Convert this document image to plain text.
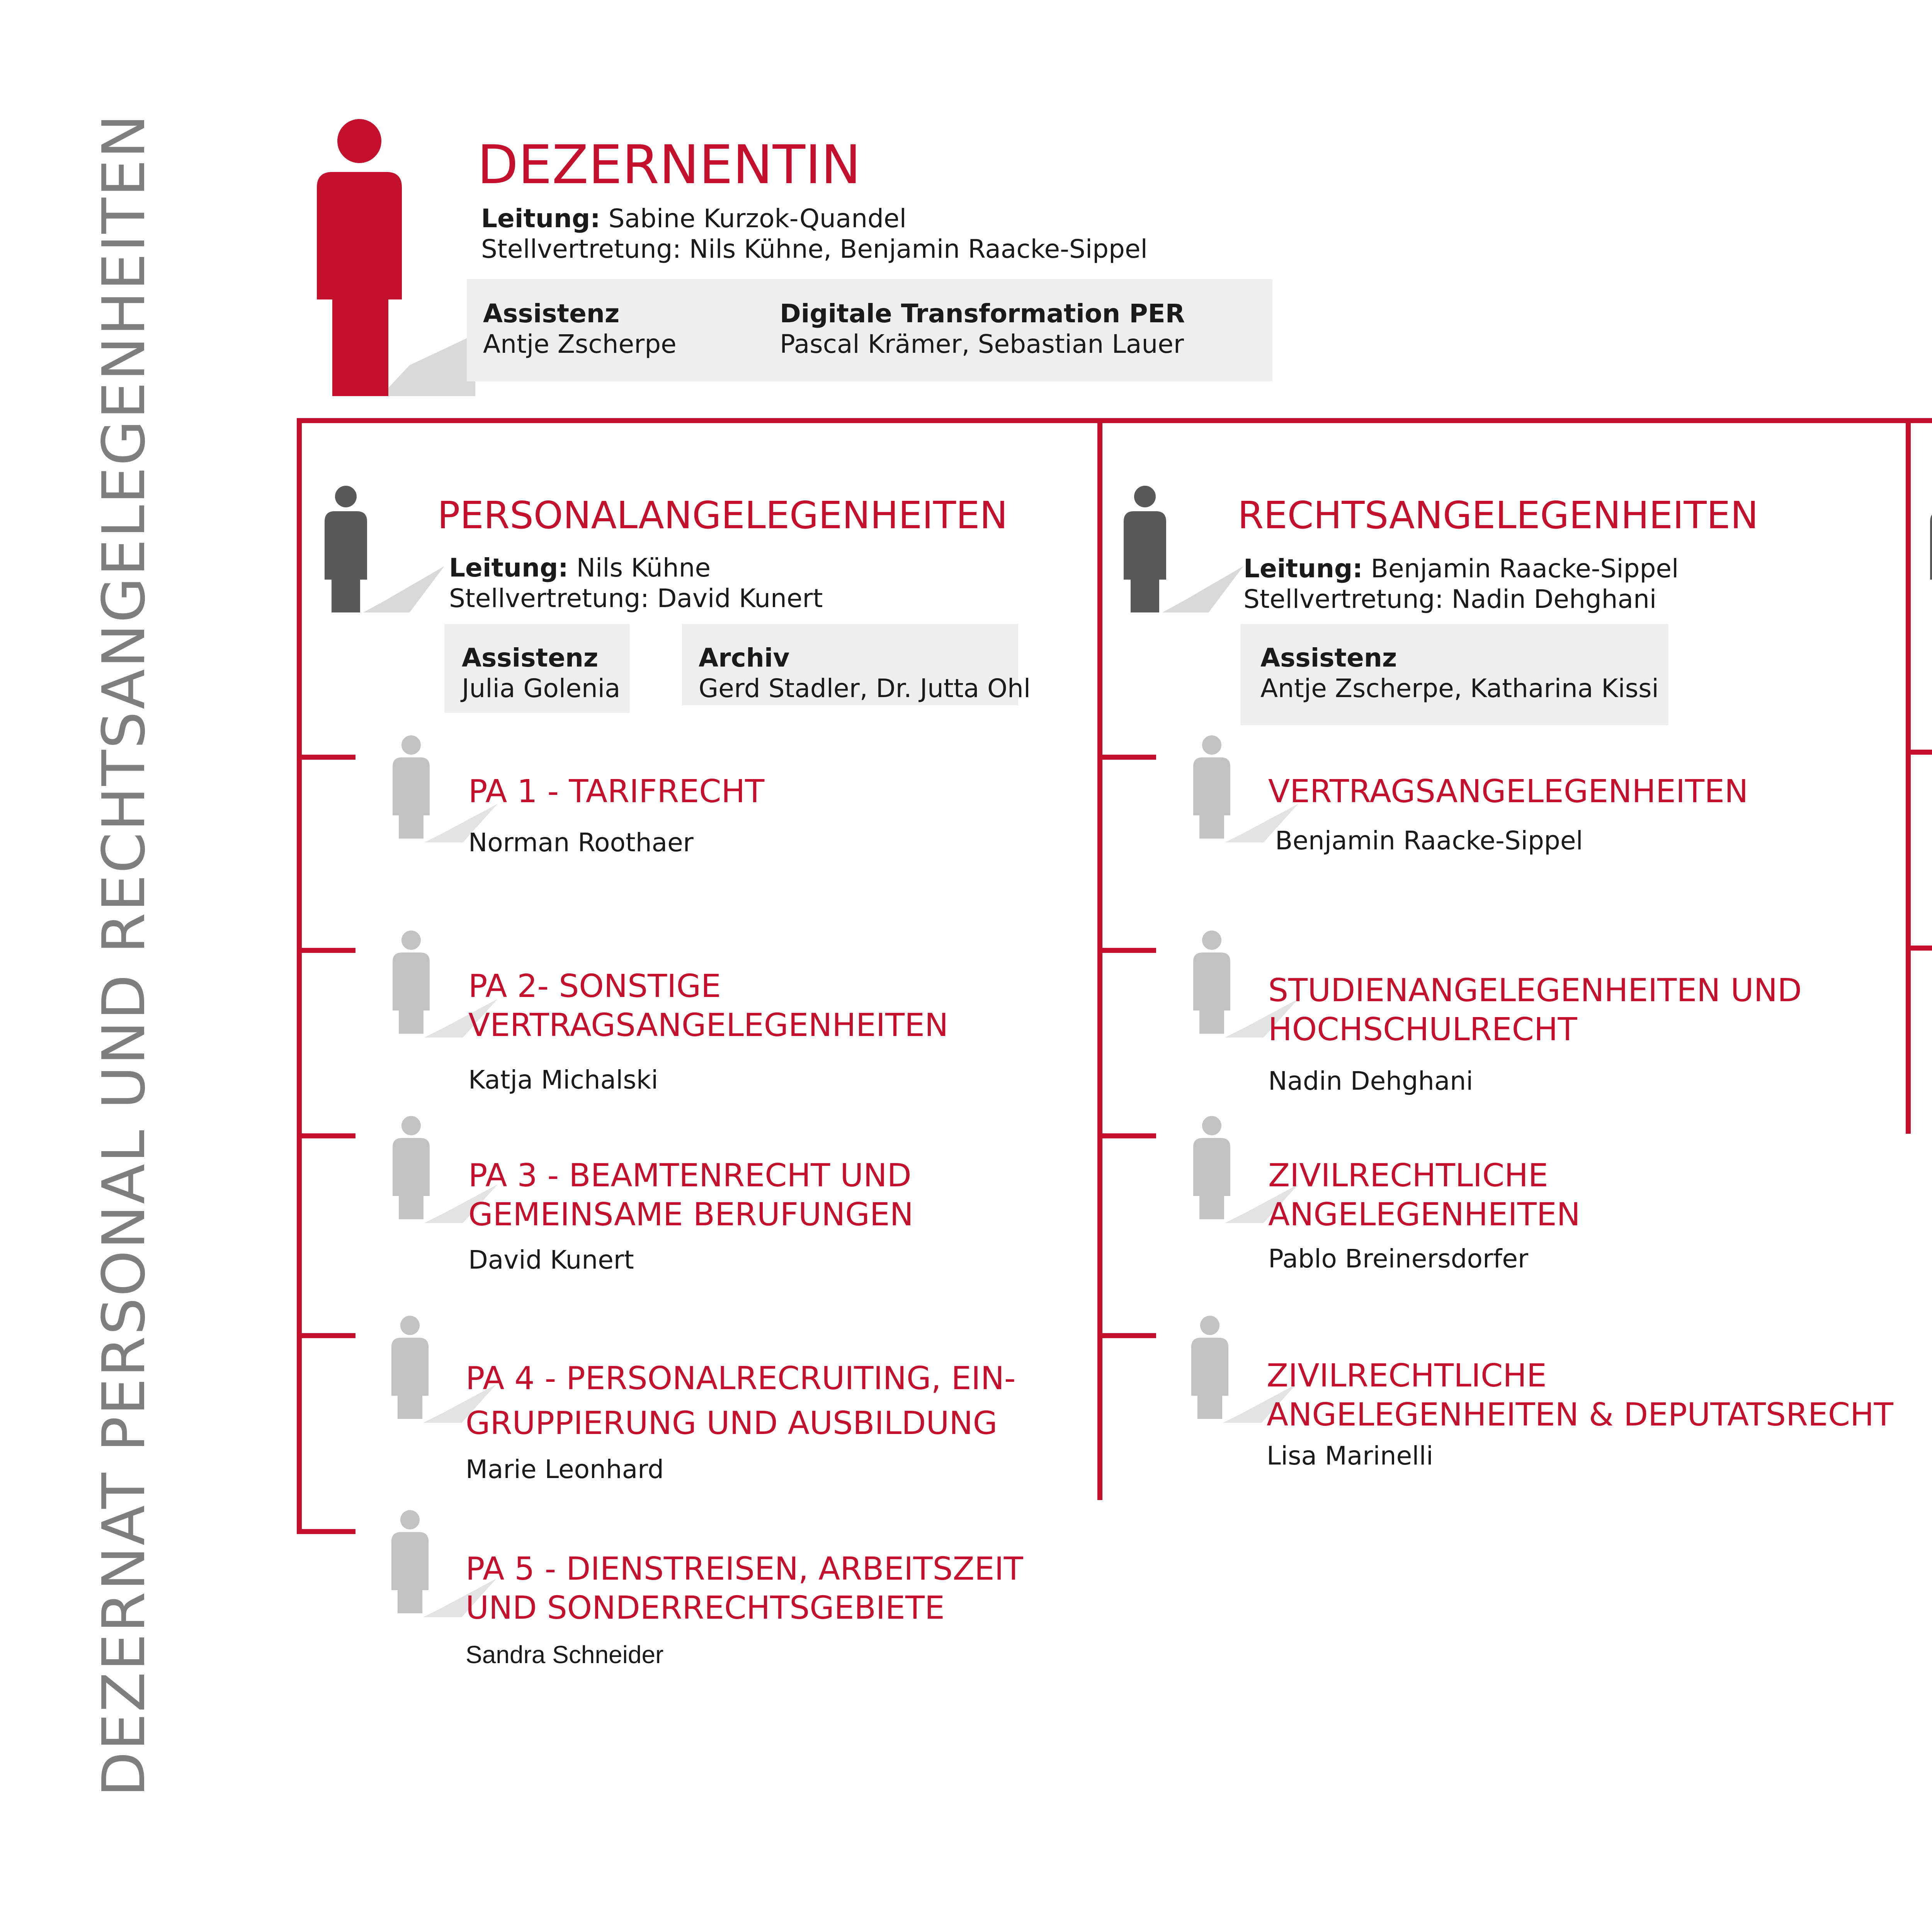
DEZERNAT PERSONAL UND RECHTSANGELEGENHEITEN	DEZERNENTIN
Leitung: Sabine Kurzok-Quandel
Stellvertretung: Nils Kühne, Benjamin Raacke-Sippel
Assistenz
Antje Zscherpe
Digitale Transformation PER
Pascal Krämer, Sebastian Lauer
PERSONALANGELEGENHEITEN
Leitung: Nils Kühne
Stellvertretung: David Kunert
Assistenz
Julia Golenia
Archiv
Gerd Stadler, Dr. Jutta Ohl
PA 1 - TARIFRECHT
Norman Roothaer
PA 2- SONSTIGE
VERTRAGSANGELEGENHEITEN
Katja Michalski
PA 3 - BEAMTENRECHT UND
GEMEINSAME BERUFUNGEN
David Kunert
PA 4 - PERSONALRECRUITING, EIN-
GRUPPIERUNG UND AUSBILDUNG
Marie Leonhard
PA 5 - DIENSTREISEN, ARBEITSZEIT
UND SONDERRECHTSGEBIETE
Sandra Schneider
RECHTSANGELEGENHEITEN
Leitung: Benjamin Raacke-Sippel
Stellvertretung: Nadin Dehghani
Assistenz
Antje Zscherpe, Katharina Kissi
VERTRAGSANGELEGENHEITEN
Benjamin Raacke-Sippel
STUDIENANGELEGENHEITEN UND
HOCHSCHULRECHT
Nadin Dehghani
ZIVILRECHTLICHE
ANGELEGENHEITEN
Pablo Breinersdorfer
ZIVILRECHTLICHE
ANGELEGENHEITEN & DEPUTATSRECHT
Lisa Marinelli
